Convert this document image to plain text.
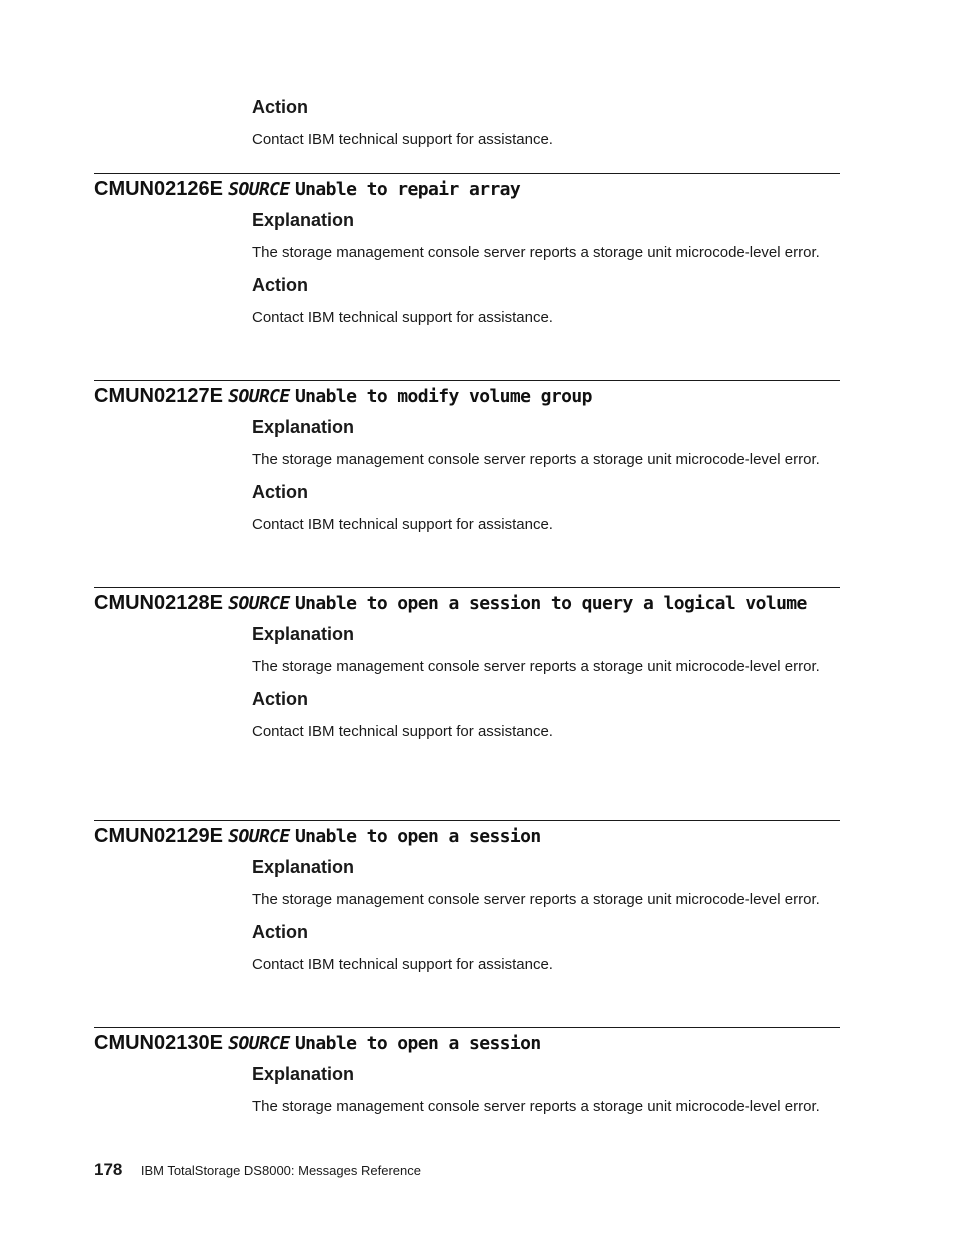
Action

Contact IBM technical support for assistance.

CMUN02126E SOURCE Unable to repair array
Explanation

The storage management console server reports a storage unit microcode-level error.

Action

Contact IBM technical support for assistance.

CMUN02127E SOURCE Unable to modify volume group
Explanation

The storage management console server reports a storage unit microcode-level error.

Action

Contact IBM technical support for assistance.

CMUN02128E SOURCE Unable to open a session to query a logical volume
Explanation

The storage management console server reports a storage unit microcode-level error.

Action

Contact IBM technical support for assistance.

CMUN02129E SOURCE Unable to open a session
Explanation

The storage management console server reports a storage unit microcode-level error.

Action

Contact IBM technical support for assistance.

CMUN02130E SOURCE Unable to open a session
Explanation

The storage management console server reports a storage unit microcode-level error.

178 IBM TotalStorage DS8000: Messages Reference
